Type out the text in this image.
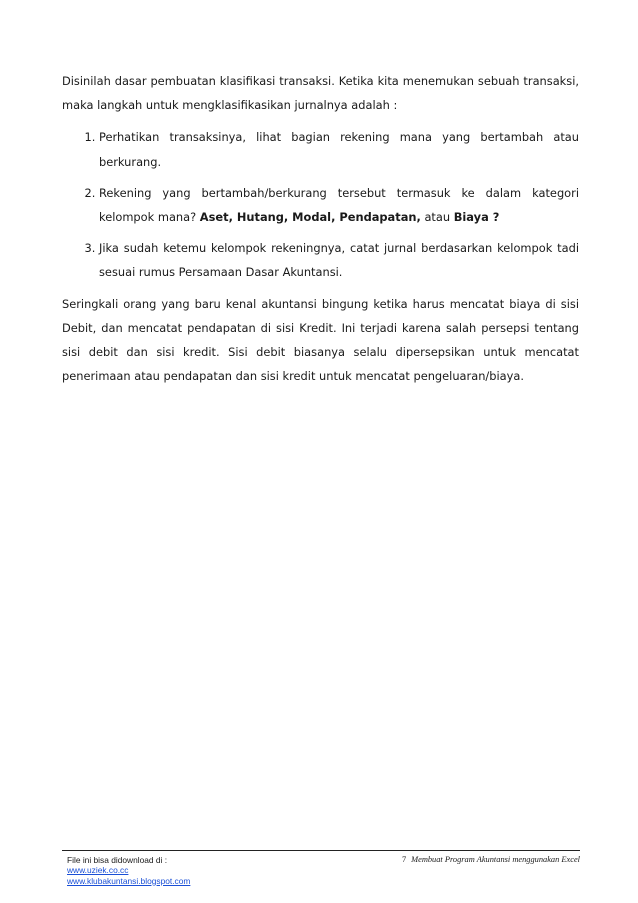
Disinilah dasar pembuatan klasifikasi transaksi. Ketika kita menemukan sebuah transaksi, maka langkah untuk mengklasifikasikan jurnalnya adalah :

1. Perhatikan transaksinya, lihat bagian rekening mana yang bertambah atau berkurang.
2. Rekening yang bertambah/berkurang tersebut termasuk ke dalam kategori kelompok mana? Aset, Hutang, Modal, Pendapatan, atau Biaya ?
3. Jika sudah ketemu kelompok rekeningnya, catat jurnal berdasarkan kelompok tadi sesuai rumus Persamaan Dasar Akuntansi.

Seringkali orang yang baru kenal akuntansi bingung ketika harus mencatat biaya di sisi Debit, dan mencatat pendapatan di sisi Kredit. Ini terjadi karena salah persepsi tentang sisi debit dan sisi kredit. Sisi debit biasanya selalu dipersepsikan untuk mencatat penerimaan atau pendapatan dan sisi kredit untuk mencatat pengeluaran/biaya.

File ini bisa didownload di :
www.uziek.co.cc
www.klubakuntansi.blogspot.com
7 Membuat Program Akuntansi menggunakan Excel
